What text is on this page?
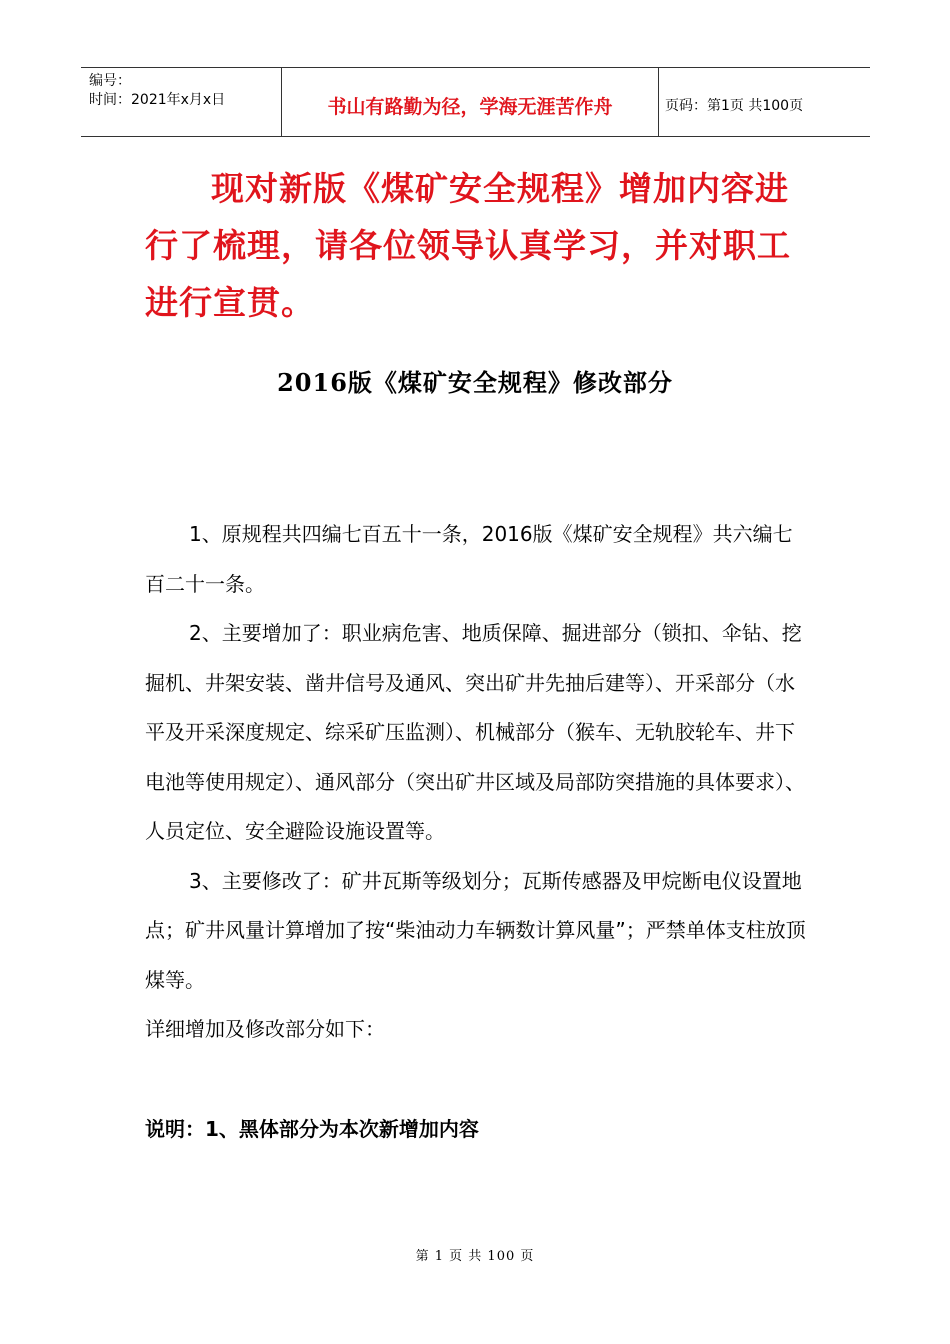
编号：
时间：2021年x月x日	书山有路勤为径，学海无涯苦作舟	页码：第1页 共100页
现对新版《煤矿安全规程》增加内容进行了梳理，请各位领导认真学习，并对职工进行宣贯。
2016版《煤矿安全规程》修改部分

1、原规程共四编七百五十一条，2016版《煤矿安全规程》共六编七百二十一条。

2、主要增加了：职业病危害、地质保障、掘进部分（锁扣、伞钻、挖掘机、井架安装、凿井信号及通风、突出矿井先抽后建等）、开采部分（水平及开采深度规定、综采矿压监测）、机械部分（猴车、无轨胶轮车、井下电池等使用规定）、通风部分（突出矿井区域及局部防突措施的具体要求）、人员定位、安全避险设施设置等。

3、主要修改了：矿井瓦斯等级划分；瓦斯传感器及甲烷断电仪设置地点；矿井风量计算增加了按“柴油动力车辆数计算风量”；严禁单体支柱放顶煤等。

详细增加及修改部分如下：

说明：1、黑体部分为本次新增加内容
第 1 页 共 100 页
